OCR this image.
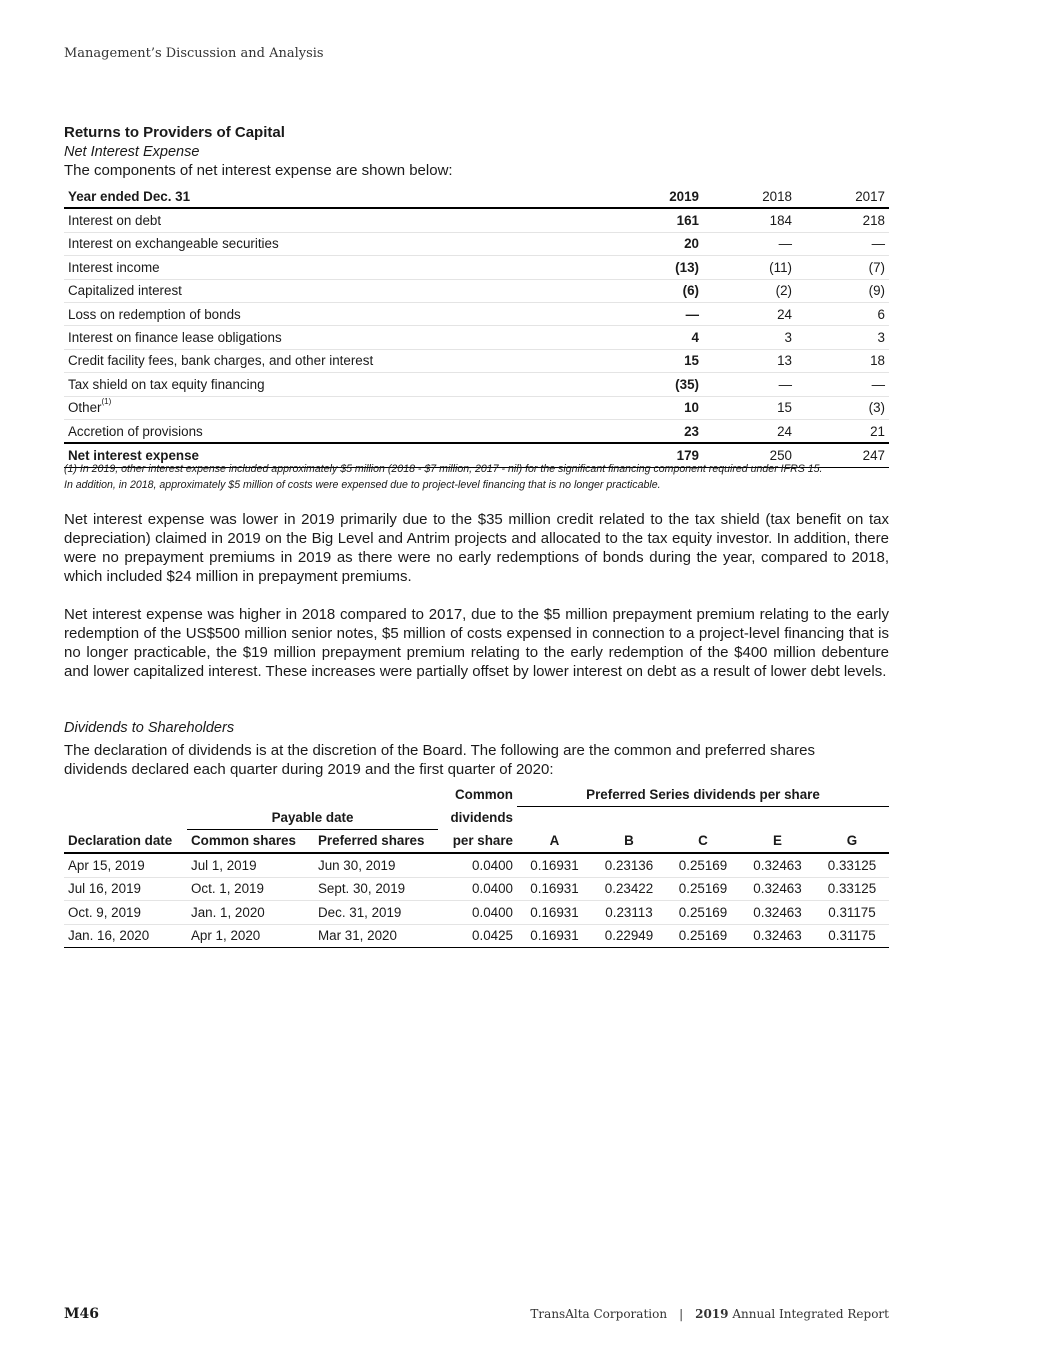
Management’s Discussion and Analysis
Returns to Providers of Capital
Net Interest Expense
The components of net interest expense are shown below:
Year ended Dec. 31	2019	2018	2017
Interest on debt	161	184	218
Interest on exchangeable securities	20	—	—
Interest income	(13)	(11)	(7)
Capitalized interest	(6)	(2)	(9)
Loss on redemption of bonds	—	24	6
Interest on finance lease obligations	4	3	3
Credit facility fees, bank charges, and other interest	15	13	18
Tax shield on tax equity financing	(35)	—	—
Other$^{(1)}$	10	15	(3)
Accretion of provisions	23	24	21
Net interest expense	179	250	247
(1) In 2019, other interest expense included approximately $5 million (2018 - $7 million, 2017 - nil) for the significant financing component required under IFRS 15.
In addition, in 2018, approximately $5 million of costs were expensed due to project-level financing that is no longer practicable.
Net interest expense was lower in 2019 primarily due to the $35 million credit related to the tax shield (tax benefit on tax depreciation) claimed in 2019 on the Big Level and Antrim projects and allocated to the tax equity investor. In addition, there were no prepayment premiums in 2019 as there were no early redemptions of bonds during the year, compared to 2018, which included $24 million in prepayment premiums.
Net interest expense was higher in 2018 compared to 2017, due to the $5 million prepayment premium relating to the early redemption of the US$500 million senior notes, $5 million of costs expensed in connection to a project-level financing that is no longer practicable, the $19 million prepayment premium relating to the early redemption of the $400 million debenture and lower capitalized interest. These increases were partially offset by lower interest on debt as a result of lower debt levels.
Dividends to Shareholders
The declaration of dividends is at the discretion of the Board. The following are the common and preferred shares dividends declared each quarter during 2019 and the first quarter of 2020:
			Common	Preferred Series dividends per share				
	Payable date		dividends					
Declaration date	Common shares	Preferred shares	per share	A	B	C	E	G
Apr 15, 2019	Jul 1, 2019	Jun 30, 2019	0.0400	0.16931	0.23136	0.25169	0.32463	0.33125
Jul 16, 2019	Oct. 1, 2019	Sept. 30, 2019	0.0400	0.16931	0.23422	0.25169	0.32463	0.33125
Oct. 9, 2019	Jan. 1, 2020	Dec. 31, 2019	0.0400	0.16931	0.23113	0.25169	0.32463	0.31175
Jan. 16, 2020	Apr 1, 2020	Mar 31, 2020	0.0425	0.16931	0.22949	0.25169	0.32463	0.31175
M46	TransAlta Corporation | 2019 Annual Integrated Report
